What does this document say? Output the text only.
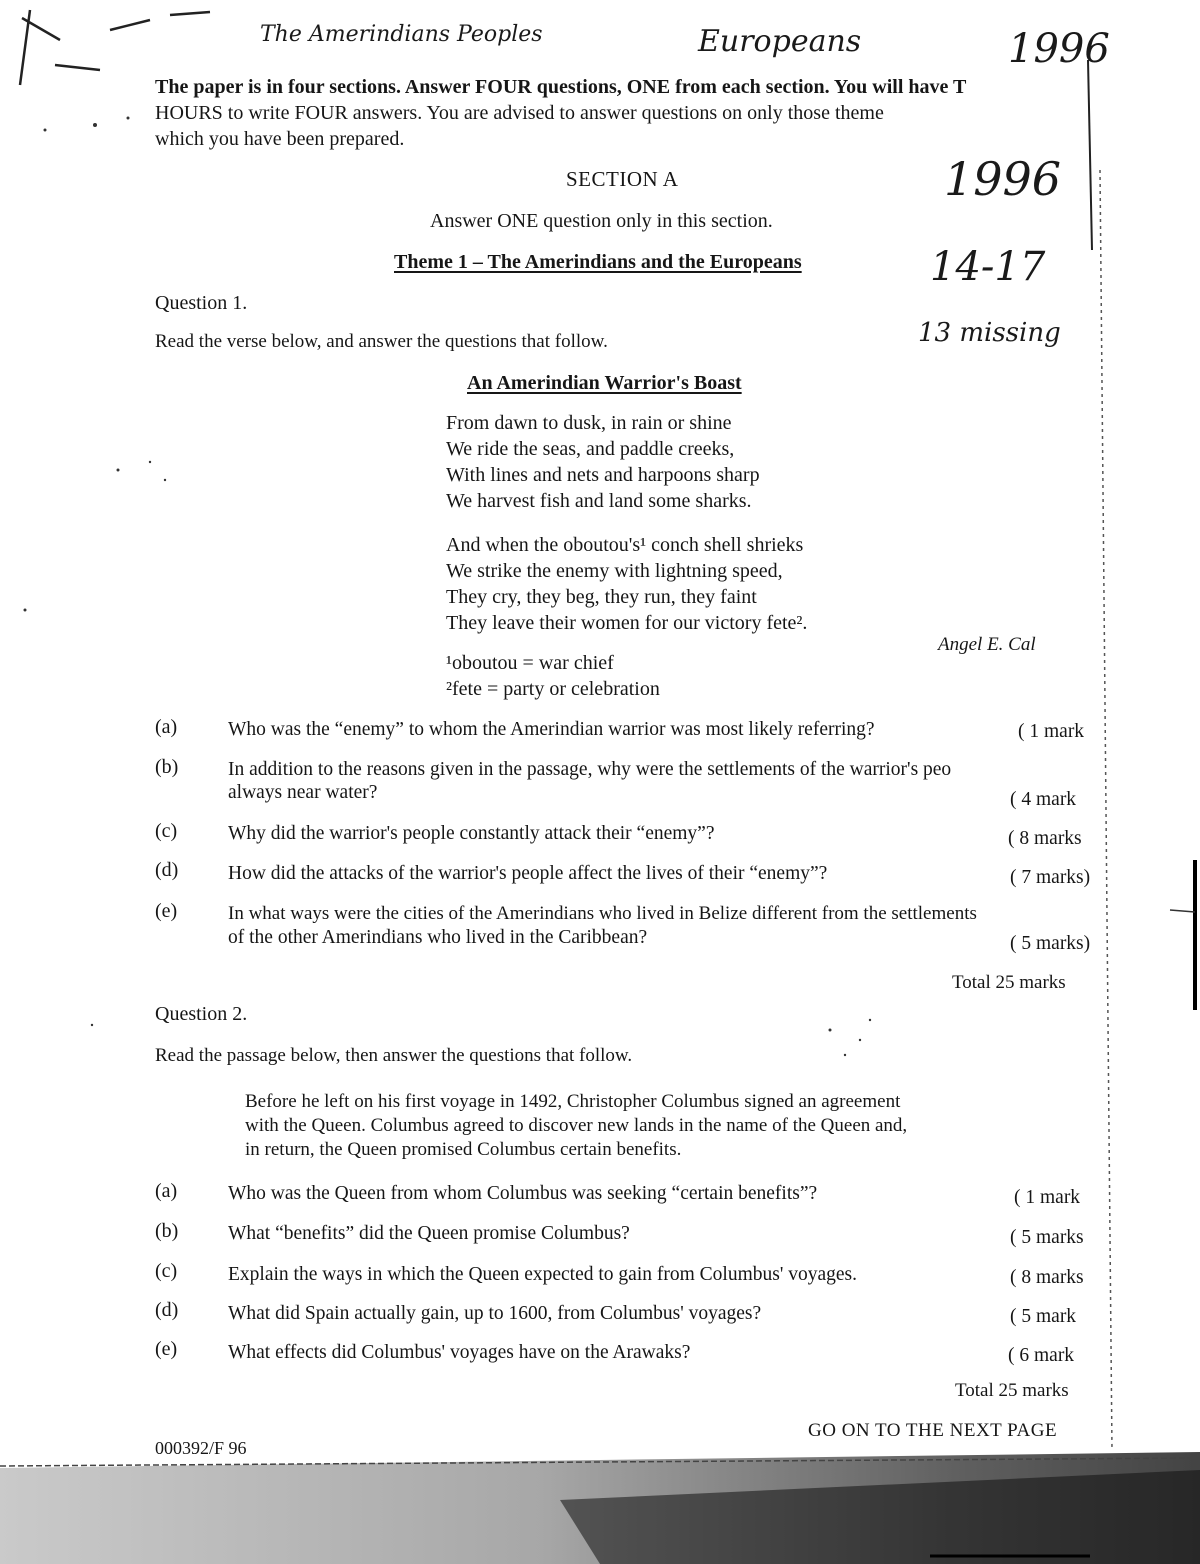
The Amerindians Peoples	Europeans	1996
1996
14-17
13 missing
The paper is in four sections. Answer FOUR questions, ONE from each section. You will have T
HOURS to write FOUR answers. You are advised to answer questions on only those theme
which you have been prepared.
SECTION A
Answer ONE question only in this section.
Theme 1 – The Amerindians and the Europeans
Question 1.
Read the verse below, and answer the questions that follow.
An Amerindian Warrior's Boast
From dawn to dusk, in rain or shine
We ride the seas, and paddle creeks,
With lines and nets and harpoons sharp
We harvest fish and land some sharks.
And when the oboutou's¹ conch shell shrieks
We strike the enemy with lightning speed,
They cry, they beg, they run, they faint
They leave their women for our victory fete².
Angel E. Cal
¹oboutou = war chief
²fete = party or celebration
(a)	Who was the “enemy” to whom the Amerindian warrior was most likely referring?	( 1 mark
(b)	In addition to the reasons given in the passage, why were the settlements of the warrior's peo
always near water?	( 4 mark
(c)	Why did the warrior's people constantly attack their “enemy”?	( 8 marks
(d)	How did the attacks of the warrior's people affect the lives of their “enemy”?	( 7 marks)
(e)	In what ways were the cities of the Amerindians who lived in Belize different from the settlements
of the other Amerindians who lived in the Caribbean?	( 5 marks)
Total 25 marks
Question 2.
Read the passage below, then answer the questions that follow.
Before he left on his first voyage in 1492, Christopher Columbus signed an agreement
with the Queen. Columbus agreed to discover new lands in the name of the Queen and,
in return, the Queen promised Columbus certain benefits.
(a)	Who was the Queen from whom Columbus was seeking “certain benefits”?	( 1 mark
(b)	What “benefits” did the Queen promise Columbus?	( 5 marks
(c)	Explain the ways in which the Queen expected to gain from Columbus' voyages.	( 8 marks
(d)	What did Spain actually gain, up to 1600, from Columbus' voyages?	( 5 mark
(e)	What effects did Columbus' voyages have on the Arawaks?	( 6 mark
Total 25 marks
GO ON TO THE NEXT PAGE
000392/F 96
